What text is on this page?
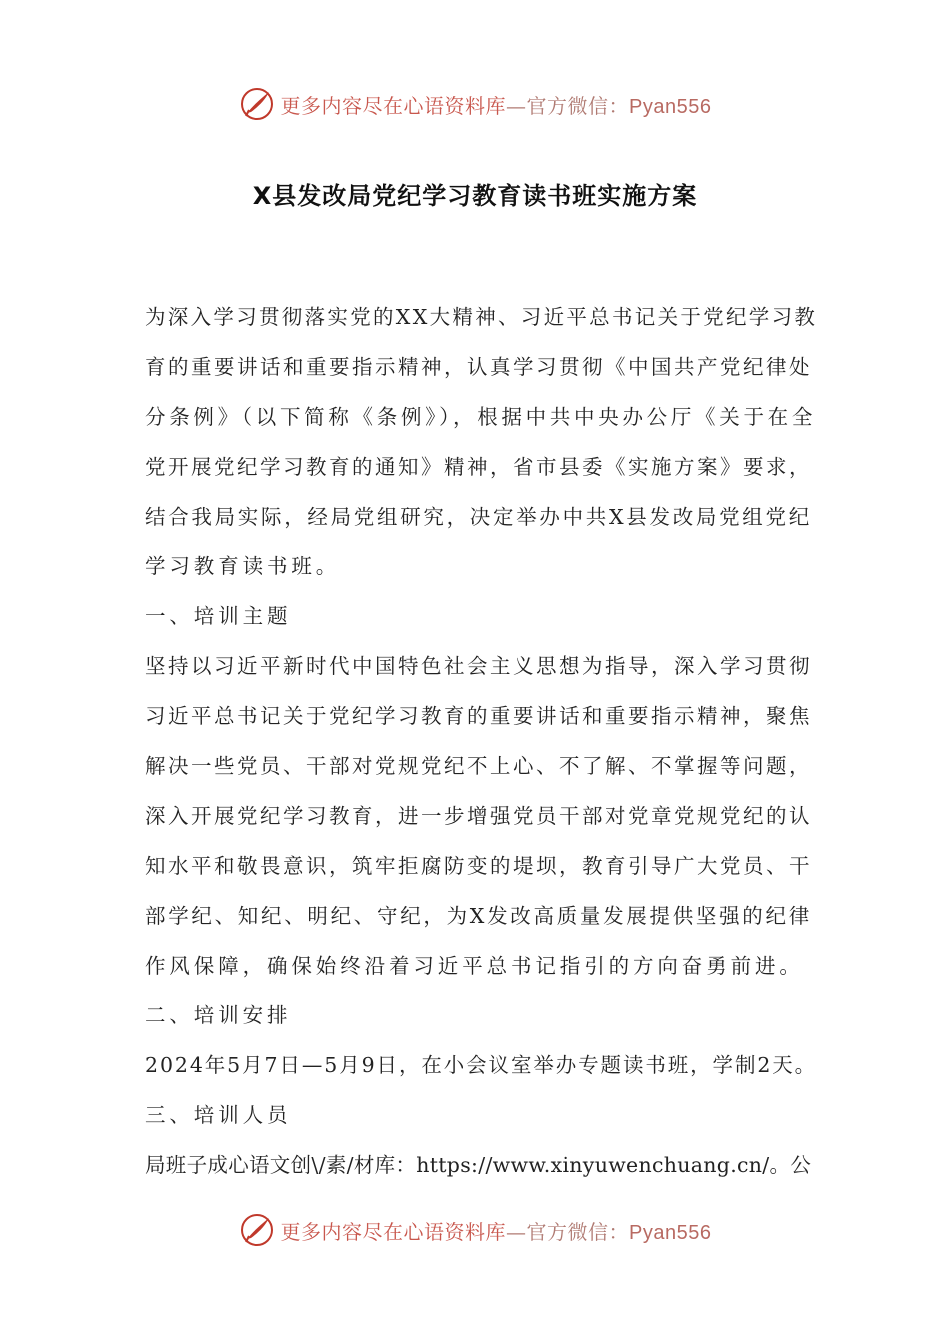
更多内容尽在心语资料库—官方微信：Pyan556
X县发改局党纪学习教育读书班实施方案
为深入学习贯彻落实党的XX大精神、习近平总书记关于党纪学习教
育的重要讲话和重要指示精神，认真学习贯彻《中国共产党纪律处
分条例》（以下简称《条例》），根据中共中央办公厅《关于在全
党开展党纪学习教育的通知》精神，省市县委《实施方案》要求，
结合我局实际，经局党组研究，决定举办中共X县发改局党组党纪
学习教育读书班。
一、培训主题
坚持以习近平新时代中国特色社会主义思想为指导，深入学习贯彻
习近平总书记关于党纪学习教育的重要讲话和重要指示精神，聚焦
解决一些党员、干部对党规党纪不上心、不了解、不掌握等问题，
深入开展党纪学习教育，进一步增强党员干部对党章党规党纪的认
知水平和敬畏意识，筑牢拒腐防变的堤坝，教育引导广大党员、干
部学纪、知纪、明纪、守纪，为X发改高质量发展提供坚强的纪律
作风保障，确保始终沿着习近平总书记指引的方向奋勇前进。
二、培训安排
2024年5月7日—5月9日，在小会议室举办专题读书班，学制2天。
三、培训人员
局班子成心语文创\/素/材库：https://www.xinyuwenchuang.cn/。公
更多内容尽在心语资料库—官方微信：Pyan556
